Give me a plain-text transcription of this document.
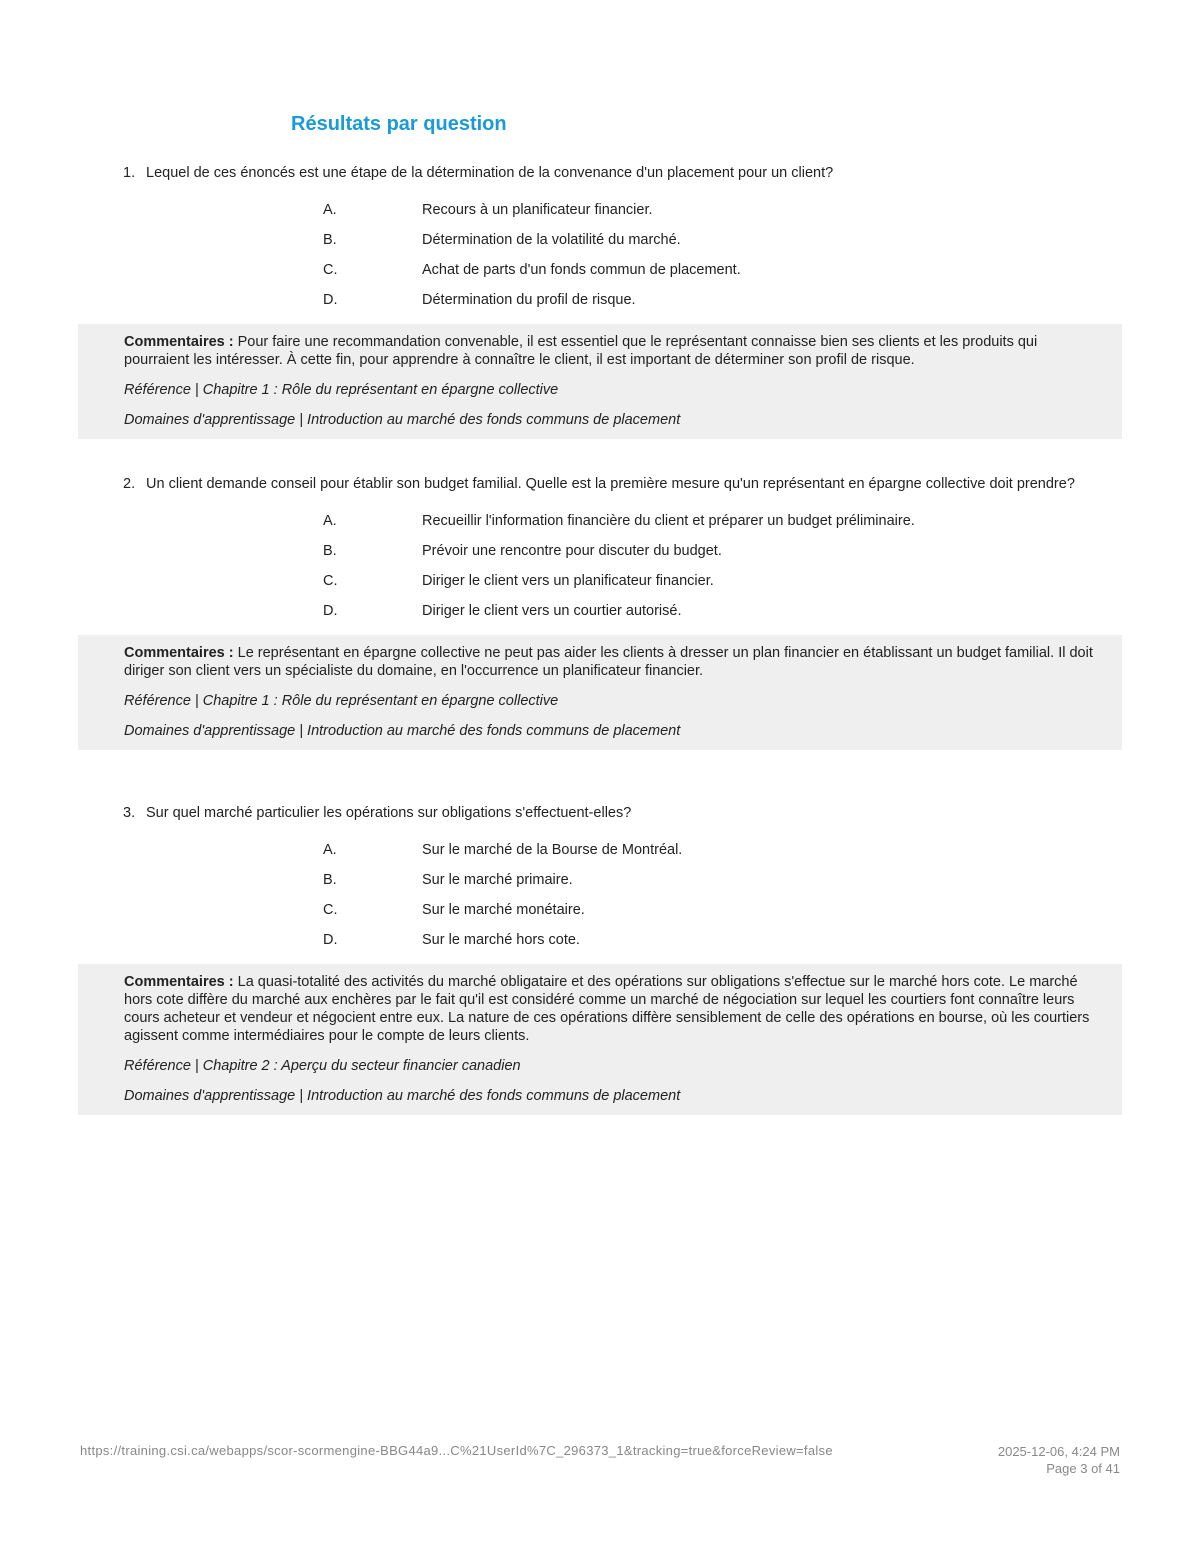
Résultats par question
1. Lequel de ces énoncés est une étape de la détermination de la convenance d'un placement pour un client?
A.	Recours à un planificateur financier.
B.	Détermination de la volatilité du marché.
C.	Achat de parts d'un fonds commun de placement.
D.	Détermination du profil de risque.
Commentaires : Pour faire une recommandation convenable, il est essentiel que le représentant connaisse bien ses clients et les produits qui pourraient les intéresser. À cette fin, pour apprendre à connaître le client, il est important de déterminer son profil de risque.
Référence | Chapitre 1 : Rôle du représentant en épargne collective
Domaines d'apprentissage | Introduction au marché des fonds communs de placement
2. Un client demande conseil pour établir son budget familial. Quelle est la première mesure qu'un représentant en épargne collective doit prendre?
A.	Recueillir l'information financière du client et préparer un budget préliminaire.
B.	Prévoir une rencontre pour discuter du budget.
C.	Diriger le client vers un planificateur financier.
D.	Diriger le client vers un courtier autorisé.
Commentaires : Le représentant en épargne collective ne peut pas aider les clients à dresser un plan financier en établissant un budget familial. Il doit diriger son client vers un spécialiste du domaine, en l'occurrence un planificateur financier.
Référence | Chapitre 1 : Rôle du représentant en épargne collective
Domaines d'apprentissage | Introduction au marché des fonds communs de placement
3. Sur quel marché particulier les opérations sur obligations s'effectuent-elles?
A.	Sur le marché de la Bourse de Montréal.
B.	Sur le marché primaire.
C.	Sur le marché monétaire.
D.	Sur le marché hors cote.
Commentaires : La quasi-totalité des activités du marché obligataire et des opérations sur obligations s'effectue sur le marché hors cote. Le marché hors cote diffère du marché aux enchères par le fait qu'il est considéré comme un marché de négociation sur lequel les courtiers font connaître leurs cours acheteur et vendeur et négocient entre eux. La nature de ces opérations diffère sensiblement de celle des opérations en bourse, où les courtiers agissent comme intermédiaires pour le compte de leurs clients.
Référence | Chapitre 2 : Aperçu du secteur financier canadien
Domaines d'apprentissage | Introduction au marché des fonds communs de placement
https://training.csi.ca/webapps/scor-scormengine-BBG44a9...C%21UserId%7C_296373_1&tracking=true&forceReview=false	2025-12-06, 4:24 PM
Page 3 of 41
